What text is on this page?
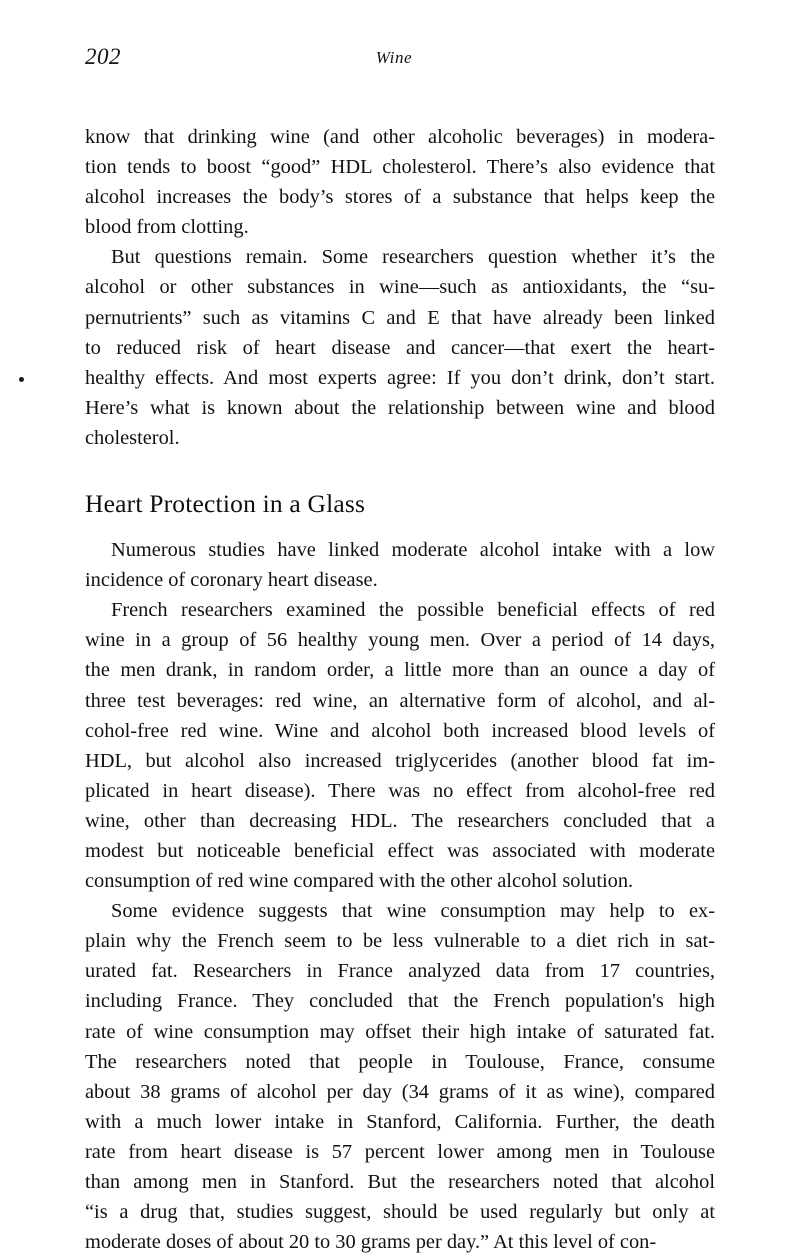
202	Wine

know that drinking wine (and other alcoholic beverages) in modera-
tion tends to boost “good” HDL cholesterol. There’s also evidence that
alcohol increases the body’s stores of a substance that helps keep the
blood from clotting.

But questions remain. Some researchers question whether it’s the
alcohol or other substances in wine—such as antioxidants, the “su-
pernutrients” such as vitamins C and E that have already been linked
to reduced risk of heart disease and cancer—that exert the heart-
healthy effects. And most experts agree: If you don’t drink, don’t start.
Here’s what is known about the relationship between wine and blood
cholesterol.

Heart Protection in a Glass

Numerous studies have linked moderate alcohol intake with a low
incidence of coronary heart disease.

French researchers examined the possible beneficial effects of red
wine in a group of 56 healthy young men. Over a period of 14 days,
the men drank, in random order, a little more than an ounce a day of
three test beverages: red wine, an alternative form of alcohol, and al-
cohol-free red wine. Wine and alcohol both increased blood levels of
HDL, but alcohol also increased triglycerides (another blood fat im-
plicated in heart disease). There was no effect from alcohol-free red
wine, other than decreasing HDL. The researchers concluded that a
modest but noticeable beneficial effect was associated with moderate
consumption of red wine compared with the other alcohol solution.

Some evidence suggests that wine consumption may help to ex-
plain why the French seem to be less vulnerable to a diet rich in sat-
urated fat. Researchers in France analyzed data from 17 countries,
including France. They concluded that the French population's high
rate of wine consumption may offset their high intake of saturated fat.
The researchers noted that people in Toulouse, France, consume
about 38 grams of alcohol per day (34 grams of it as wine), compared
with a much lower intake in Stanford, California. Further, the death
rate from heart disease is 57 percent lower among men in Toulouse
than among men in Stanford. But the researchers noted that alcohol
“is a drug that, studies suggest, should be used regularly but only at
moderate doses of about 20 to 30 grams per day.” At this level of con-
